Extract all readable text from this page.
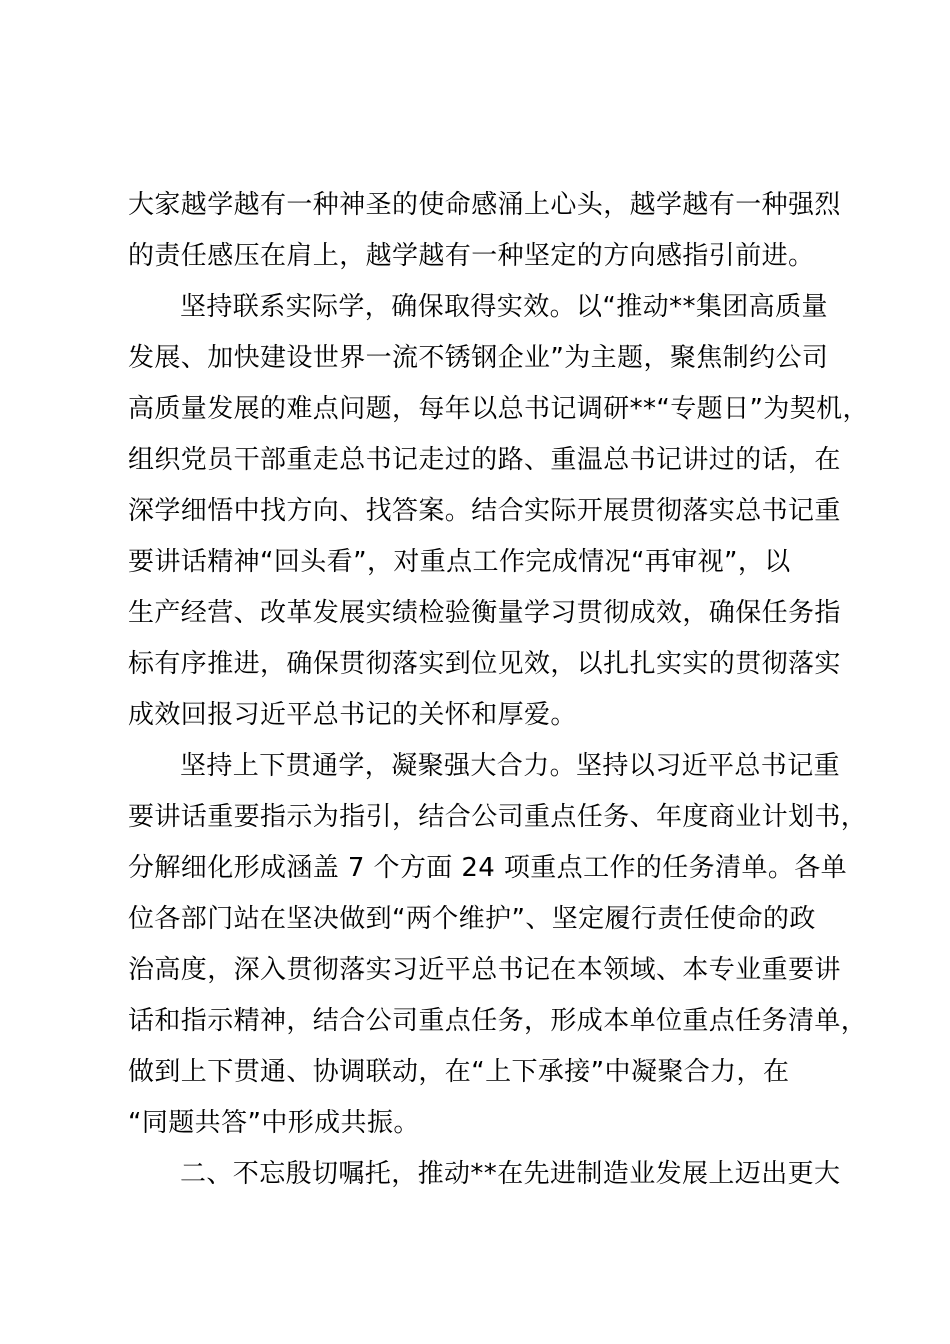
大家越学越有一种神圣的使命感涌上心头，越学越有一种强烈
的责任感压在肩上，越学越有一种坚定的方向感指引前进。
坚持联系实际学，确保取得实效。以“推动**集团高质量
发展、加快建设世界一流不锈钢企业”为主题，聚焦制约公司
高质量发展的难点问题，每年以总书记调研**“专题日”为契机，
组织党员干部重走总书记走过的路、重温总书记讲过的话，在
深学细悟中找方向、找答案。结合实际开展贯彻落实总书记重
要讲话精神“回头看”，对重点工作完成情况“再审视”，以
生产经营、改革发展实绩检验衡量学习贯彻成效，确保任务指
标有序推进，确保贯彻落实到位见效，以扎扎实实的贯彻落实
成效回报习近平总书记的关怀和厚爱。
坚持上下贯通学，凝聚强大合力。坚持以习近平总书记重
要讲话重要指示为指引，结合公司重点任务、年度商业计划书，
分解细化形成涵盖 7 个方面 24 项重点工作的任务清单。各单
位各部门站在坚决做到“两个维护”、坚定履行责任使命的政
治高度，深入贯彻落实习近平总书记在本领域、本专业重要讲
话和指示精神，结合公司重点任务，形成本单位重点任务清单，
做到上下贯通、协调联动，在“上下承接”中凝聚合力，在
“同题共答”中形成共振。
二、不忘殷切嘱托，推动**在先进制造业发展上迈出更大
